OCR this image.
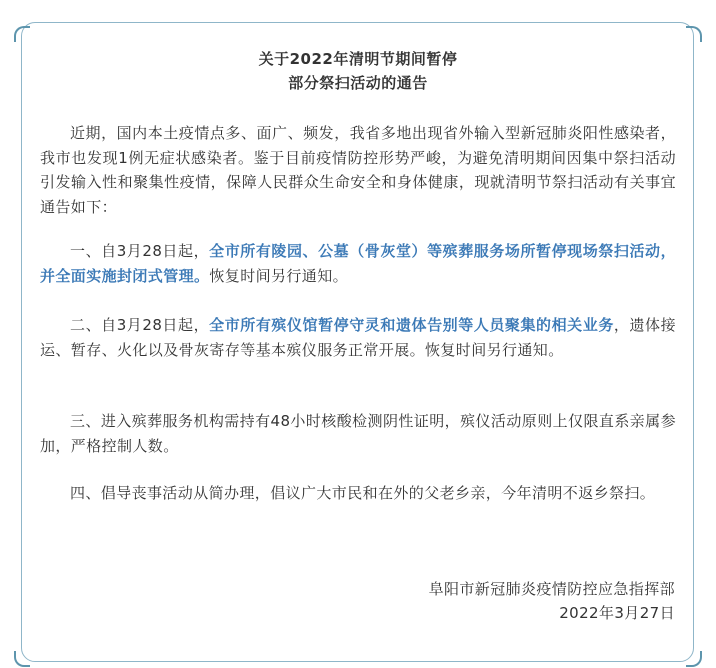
关于2022年清明节期间暂停
部分祭扫活动的通告

近期，国内本土疫情点多、面广、频发，我省多地出现省外输入型新冠肺炎阳性感染者，我市也发现1例无症状感染者。鉴于目前疫情防控形势严峻，为避免清明期间因集中祭扫活动引发输入性和聚集性疫情，保障人民群众生命安全和身体健康，现就清明节祭扫活动有关事宜通告如下：

一、自3月28日起，全市所有陵园、公墓（骨灰堂）等殡葬服务场所暂停现场祭扫活动，并全面实施封闭式管理。恢复时间另行通知。

二、自3月28日起，全市所有殡仪馆暂停守灵和遗体告别等人员聚集的相关业务，遗体接运、暂存、火化以及骨灰寄存等基本殡仪服务正常开展。恢复时间另行通知。

三、进入殡葬服务机构需持有48小时核酸检测阴性证明，殡仪活动原则上仅限直系亲属参加，严格控制人数。

四、倡导丧事活动从简办理，倡议广大市民和在外的父老乡亲，今年清明不返乡祭扫。

阜阳市新冠肺炎疫情防控应急指挥部
2022年3月27日
